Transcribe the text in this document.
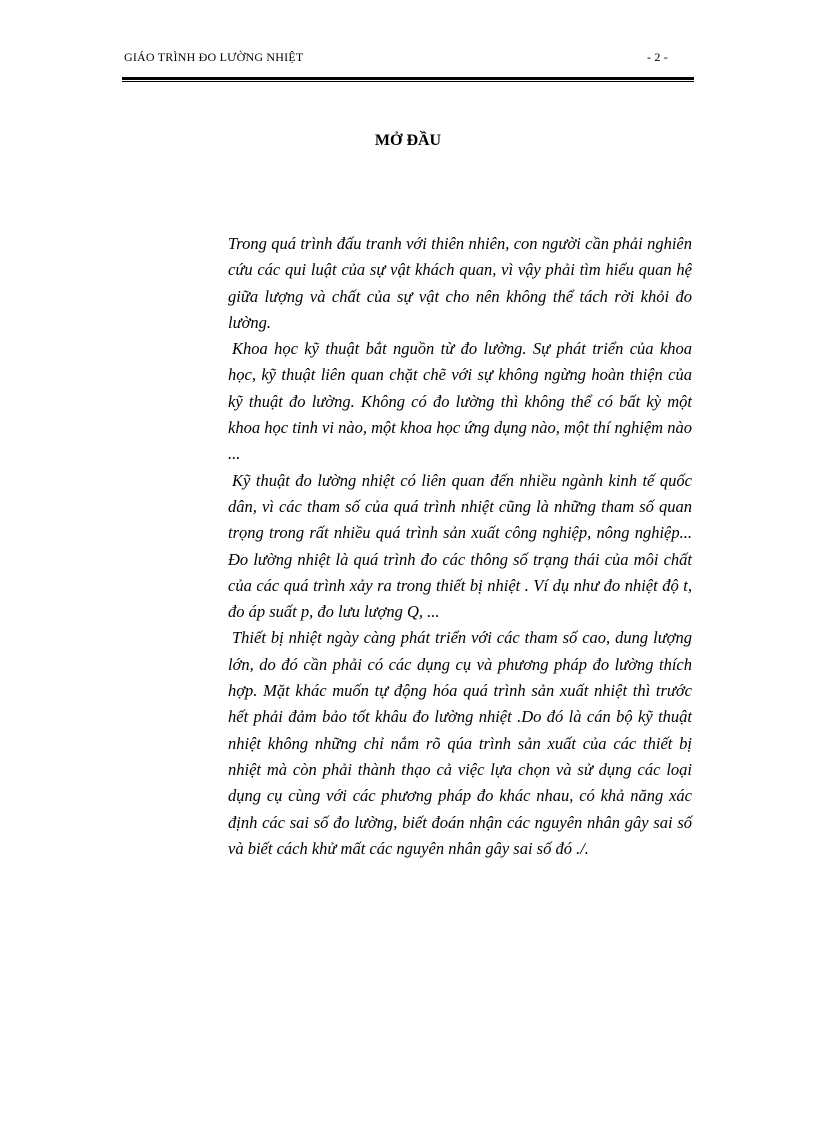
GIÁO TRÌNH ĐO LƯỜNG NHIỆT	- 2 -
MỞ ĐẦU

Trong quá trình đấu tranh với thiên nhiên, con người cần phải nghiên cứu các qui luật của sự vật khách quan, vì vậy phải tìm hiểu quan hệ giữa lượng và chất của sự vật cho nên không thể tách rời khỏi đo lường.

Khoa học kỹ thuật bắt nguồn từ đo lường. Sự phát triển của khoa học, kỹ thuật liên quan chặt chẽ với sự không ngừng hoàn thiện của kỹ thuật đo lường. Không có đo lường thì không thể có bất kỳ một khoa học tinh vi nào, một khoa học ứng dụng nào, một thí nghiệm nào ...

Kỹ thuật đo lường nhiệt có liên quan đến nhiều ngành kinh tế quốc dân, vì các tham số của quá trình nhiệt cũng là những tham số quan trọng trong rất nhiều quá trình sản xuất công nghiệp, nông nghiệp... Đo lường nhiệt là quá trình đo các thông số trạng thái của môi chất của các quá trình xảy ra trong thiết bị nhiệt . Ví dụ như đo nhiệt độ t, đo áp suất p, đo lưu lượng Q, ...

Thiết bị nhiệt ngày càng phát triển với các tham số cao, dung lượng lớn, do đó cần phải có các dụng cụ và phương pháp đo lường thích hợp. Mặt khác muốn tự động hóa quá trình sản xuất nhiệt thì trước hết phải đảm bảo tốt khâu đo lường nhiệt .Do đó là cán bộ kỹ thuật nhiệt không những chỉ nắm rõ qúa trình sản xuất của các thiết bị nhiệt mà còn phải thành thạo cả việc lựa chọn và sử dụng các loại dụng cụ cùng với các phương pháp đo khác nhau, có khả năng xác định các sai số đo lường, biết đoán nhận các nguyên nhân gây sai số và biết cách khử mất các nguyên nhân gây sai số đó ./.
